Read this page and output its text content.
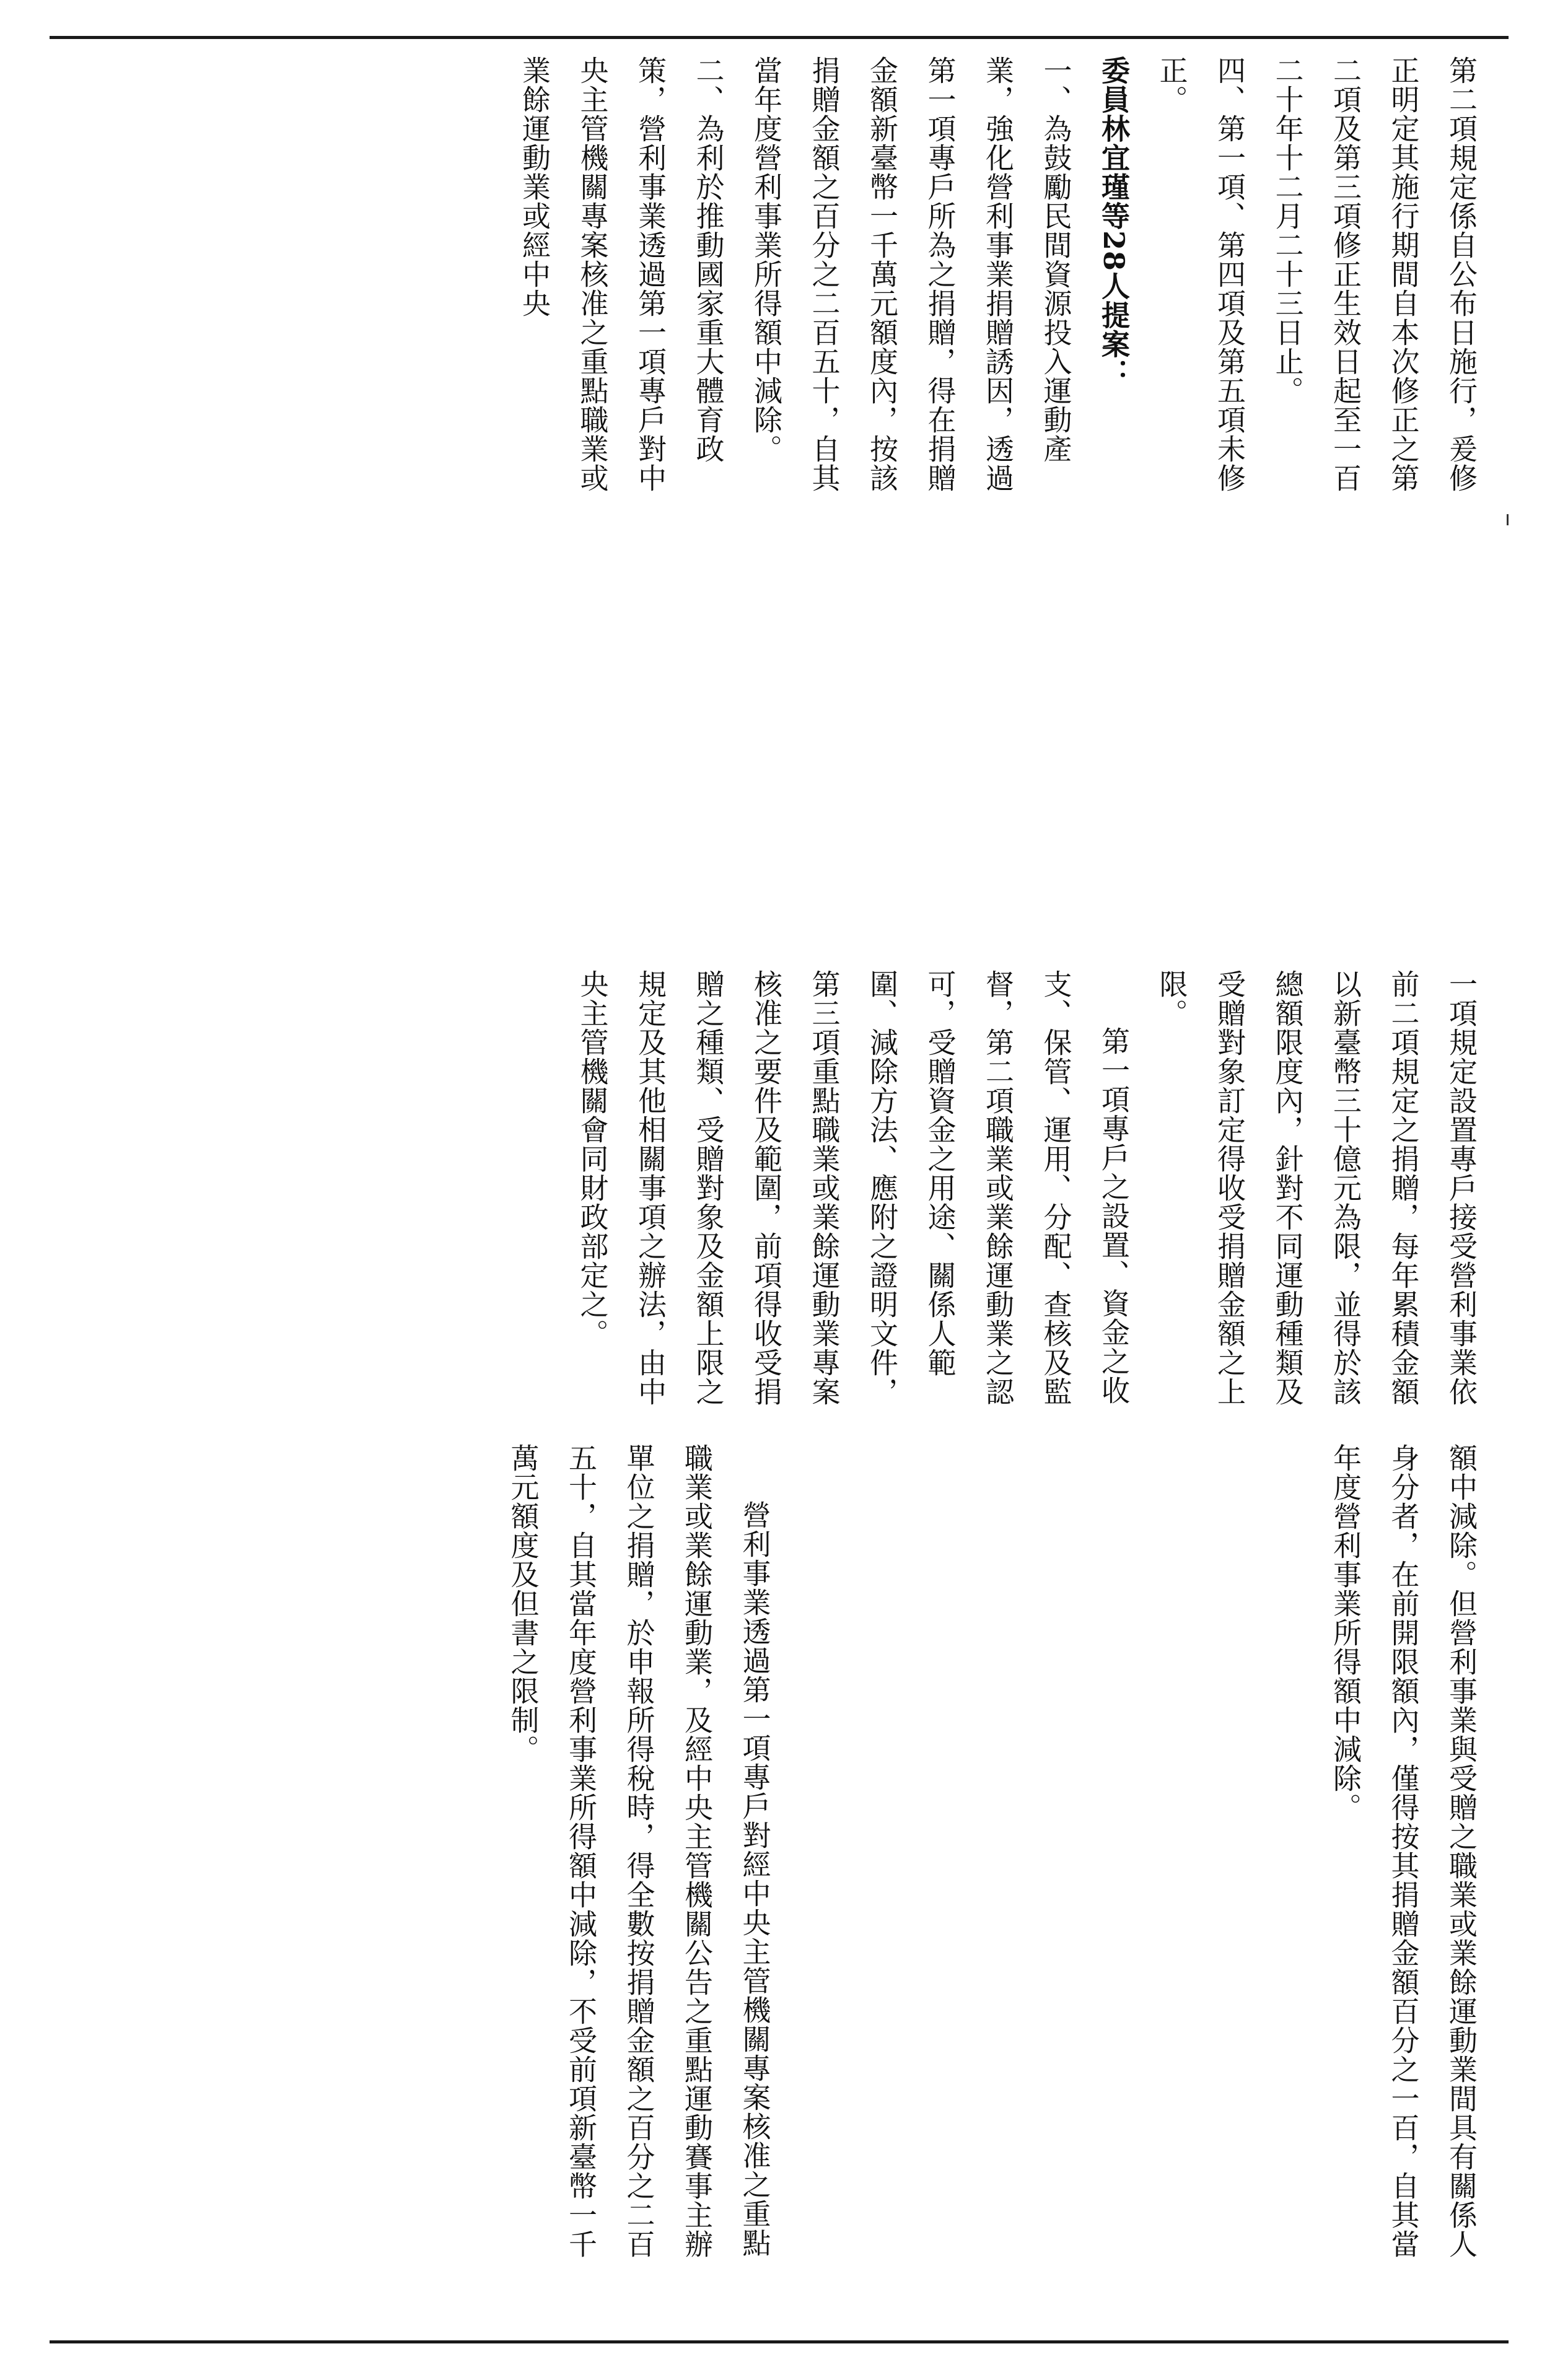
第二項規定係自公布日施行，爰修正明定其施行期間自本次修正之第二項及第三項修正生效日起至一百二十年十二月二十三日止。

四、第一項、第四項及第五項未修正。

委員林宜瑾等28人提案：

一、為鼓勵民間資源投入運動產業，強化營利事業捐贈誘因，透過第一項專戶所為之捐贈，得在捐贈金額新臺幣一千萬元額度內，按該捐贈金額之百分之二百五十，自其當年度營利事業所得額中減除。

二、為利於推動國家重大體育政策，營利事業透過第一項專戶對中央主管機關專案核准之重點職業或業餘運動業或經中央

一項規定設置專戶接受營利事業依前二項規定之捐贈，每年累積金額以新臺幣三十億元為限，並得於該總額限度內，針對不同運動種類及受贈對象訂定得收受捐贈金額之上限。

第一項專戶之設置、資金之收支、保管、運用、分配、查核及監督，第二項職業或業餘運動業之認可，受贈資金之用途、關係人範圍、減除方法、應附之證明文件，第三項重點職業或業餘運動業專案核准之要件及範圍，前項得收受捐贈之種類、受贈對象及金額上限之規定及其他相關事項之辦法，由中央主管機關會同財政部定之。

額中減除。但營利事業與受贈之職業或業餘運動業間具有關係人身分者，在前開限額內，僅得按其捐贈金額百分之一百，自其當年度營利事業所得額中減除。

營利事業透過第一項專戶對經中央主管機關專案核准之重點職業或業餘運動業，及經中央主管機關公告之重點運動賽事主辦單位之捐贈，於申報所得稅時，得全數按捐贈金額之百分之二百五十，自其當年度營利事業所得額中減除，不受前項新臺幣一千萬元額度及但書之限制。
